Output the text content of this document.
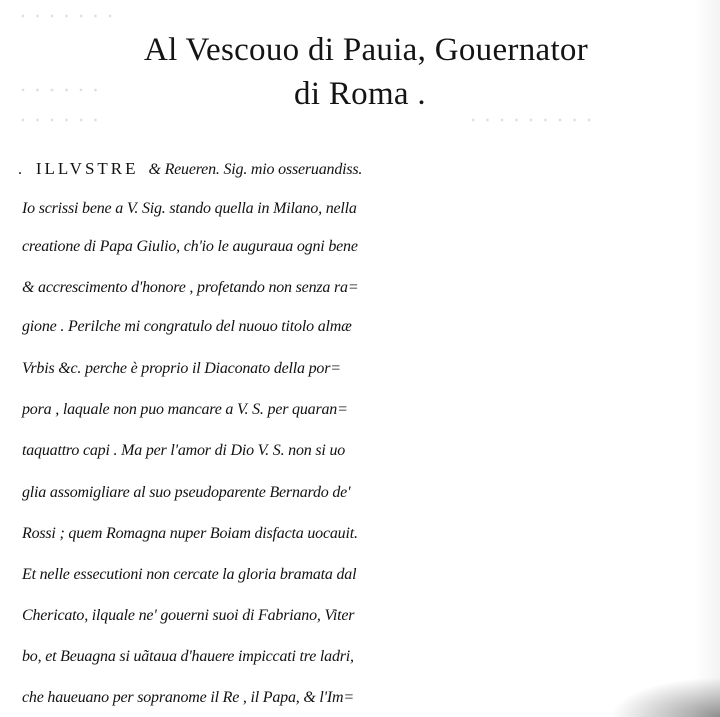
· · · · · · ·
· · · · · ·
· · · · · ·	· · · · · · · · ·
Al Vescouo di Pauia, Gouernator
di Roma .
. ILLVSTRE & Reueren. Sig. mio osseruandiss.
Io scrissi bene a V. Sig. stando quella in Milano, nella
creatione di Papa Giulio, ch'io le auguraua ogni bene
& accrescimento d'honore , profetando non senza ra=
gione . Perilche mi congratulo del nuouo titolo almæ
Vrbis &c. perche è proprio il Diaconato della por=
pora , laquale non puo mancare a V. S. per quaran=
taquattro capi . Ma per l'amor di Dio V. S. non si uo
glia assomigliare al suo pseudoparente Bernardo de'
Rossi ; quem Romagna nuper Boiam disfacta uocauit.
Et nelle essecutioni non cercate la gloria bramata dal
Chericato, ilquale ne' gouerni suoi di Fabriano, Viter
bo, et Beuagna si uãtaua d'hauere impiccati tre ladri,
che haueuano per sopranome il Re , il Papa, & l'Im=
